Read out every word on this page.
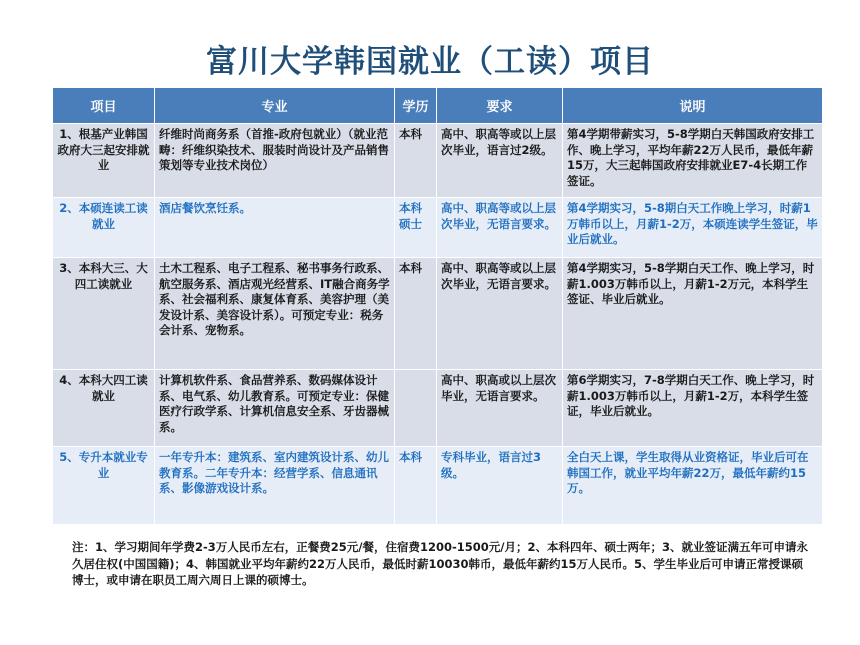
富川大学韩国就业（工读）项目
项目	专业	学历	要求	说明
1、根基产业韩国政府大三起安排就业	纤维时尚商务系（首推-政府包就业）（就业范畴：纤维织染技术、服装时尚设计及产品销售策划等专业技术岗位）	本科	高中、职高等或以上层次毕业，语言过2级。	第4学期带薪实习，5-8学期白天韩国政府安排工作、晚上学习，平均年薪22万人民币，最低年薪15万，大三起韩国政府安排就业E7-4长期工作签证。
2、本硕连读工读就业	酒店餐饮烹饪系。	本科硕士	高中、职高等或以上层次毕业，无语言要求。	第4学期实习，5-8期白天工作晚上学习，时薪1万韩币以上，月薪1-2万，本硕连读学生签证，毕业后就业。
3、本科大三、大四工读就业	土木工程系、电子工程系、秘书事务行政系、航空服务系、酒店观光经营系、IT融合商务学系、社会福利系、康复体育系、美容护理（美发设计系、美容设计系）。可预定专业：税务会计系、宠物系。	本科	高中、职高等或以上层次毕业，无语言要求。	第4学期实习，5-8学期白天工作、晚上学习，时薪1.003万韩币以上，月薪1-2万元，本科学生签证、毕业后就业。
4、本科大四工读就业	计算机软件系、食品营养系、数码媒体设计系、电气系、幼儿教育系。可预定专业：保健医疗行政学系、计算机信息安全系、牙齿器械系。		高中、职高或以上层次毕业，无语言要求。	第6学期实习，7-8学期白天工作、晚上学习，时薪1.003万韩币以上，月薪1-2万，本科学生签证，毕业后就业。
5、专升本就业专业	一年专升本：建筑系、室内建筑设计系、幼儿教育系。二年专升本：经营学系、信息通讯系、影像游戏设计系。	本科	专科毕业，语言过3级。	全白天上课，学生取得从业资格证，毕业后可在韩国工作，就业平均年薪22万，最低年薪约15万。
注：1、学习期间年学费2-3万人民币左右，正餐费25元/餐，住宿费1200-1500元/月；2、本科四年、硕士两年；3、就业签证满五年可申请永久居住权(中国国籍)；4、韩国就业平均年薪约22万人民币，最低时薪10030韩币，最低年薪约15万人民币。5、学生毕业后可申请正常授课硕博士，或申请在职员工周六周日上课的硕博士。
